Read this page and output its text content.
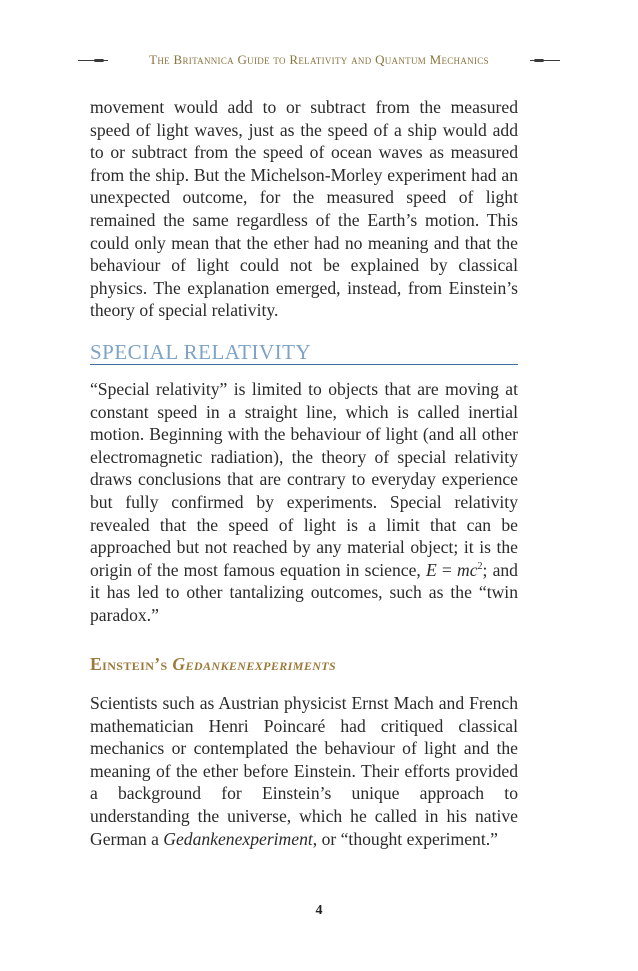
The Britannica Guide to Relativity and Quantum Mechanics

movement would add to or subtract from the measured speed of light waves, just as the speed of a ship would add to or subtract from the speed of ocean waves as measured from the ship. But the Michelson-Morley experiment had an unexpected outcome, for the measured speed of light remained the same regardless of the Earth’s motion. This could only mean that the ether had no meaning and that the behaviour of light could not be explained by classical physics. The explanation emerged, instead, from Einstein’s theory of special relativity.

SPECIAL RELATIVITY

“Special relativity” is limited to objects that are moving at constant speed in a straight line, which is called inertial motion. Beginning with the behaviour of light (and all other electromagnetic radiation), the theory of special relativity draws conclusions that are contrary to everyday experience but fully confirmed by experiments. Special relativity revealed that the speed of light is a limit that can be approached but not reached by any material object; it is the origin of the most famous equation in science, $E = mc^2$; and it has led to other tantalizing outcomes, such as the “twin paradox.”

Einstein’s Gedankenexperiments

Scientists such as Austrian physicist Ernst Mach and French mathematician Henri Poincaré had critiqued classical mechanics or contemplated the behaviour of light and the meaning of the ether before Einstein. Their efforts provided a background for Einstein’s unique approach to understanding the universe, which he called in his native German a Gedankenexperiment, or “thought experiment.”

4
